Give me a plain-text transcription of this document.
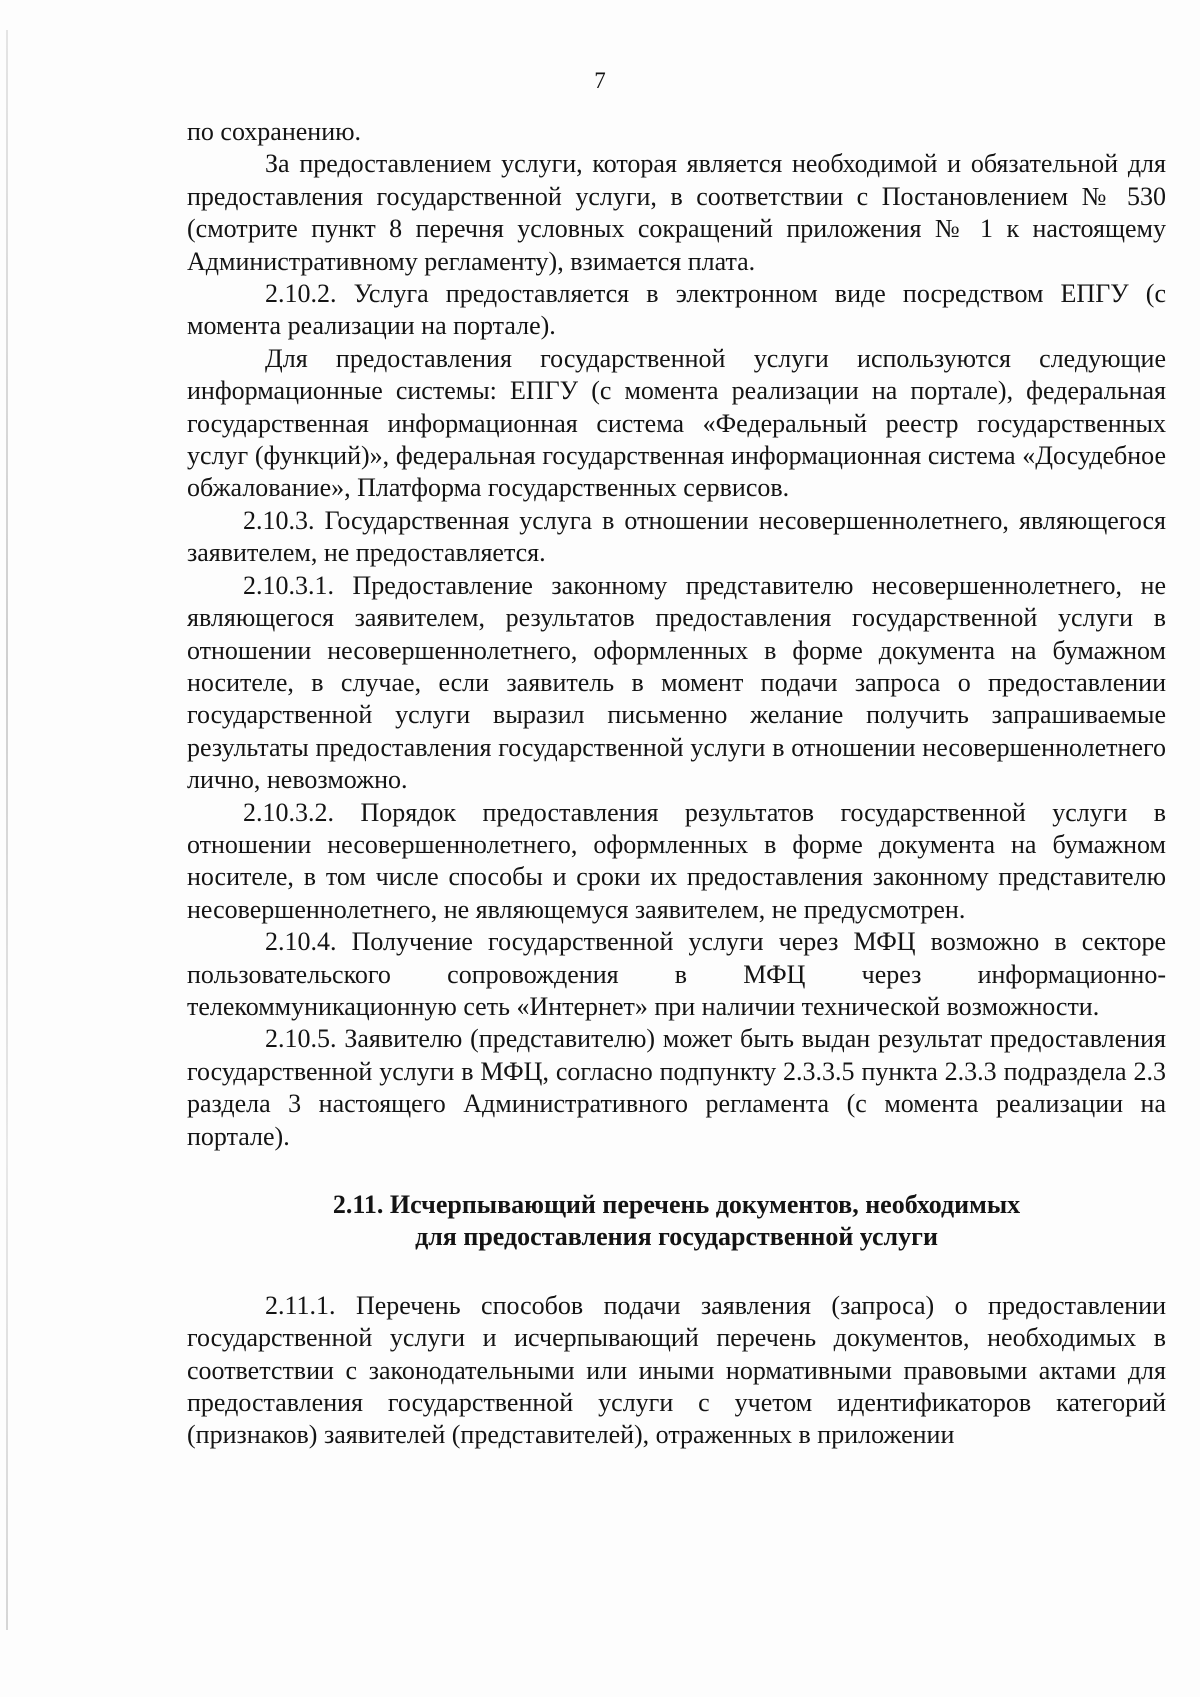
7

по сохранению.

За предоставлением услуги, которая является необходимой и обязательной для предоставления государственной услуги, в соответствии с Постановлением № 530 (смотрите пункт 8 перечня условных сокращений приложения № 1 к настоящему Административному регламенту), взимается плата.

2.10.2. Услуга предоставляется в электронном виде посредством ЕПГУ (с момента реализации на портале).

Для предоставления государственной услуги используются следующие информационные системы: ЕПГУ (с момента реализации на портале), федеральная государственная информационная система «Федеральный реестр государственных услуг (функций)», федеральная государственная информационная система «Досудебное обжалование», Платформа государственных сервисов.

2.10.3. Государственная услуга в отношении несовершеннолетнего, являющегося заявителем, не предоставляется.

2.10.3.1. Предоставление законному представителю несовершеннолетнего, не являющегося заявителем, результатов предоставления государственной услуги в отношении несовершеннолетнего, оформленных в форме документа на бумажном носителе, в случае, если заявитель в момент подачи запроса о предоставлении государственной услуги выразил письменно желание получить запрашиваемые результаты предоставления государственной услуги в отношении несовершеннолетнего лично, невозможно.

2.10.3.2. Порядок предоставления результатов государственной услуги в отношении несовершеннолетнего, оформленных в форме документа на бумажном носителе, в том числе способы и сроки их предоставления законному представителю несовершеннолетнего, не являющемуся заявителем, не предусмотрен.

2.10.4. Получение государственной услуги через МФЦ возможно в секторе пользовательского сопровождения в МФЦ через информационно-телекоммуникационную сеть «Интернет» при наличии технической возможности.

2.10.5. Заявителю (представителю) может быть выдан результат предоставления государственной услуги в МФЦ, согласно подпункту 2.3.3.5 пункта 2.3.3 подраздела 2.3 раздела 3 настоящего Административного регламента (с момента реализации на портале).

2.11. Исчерпывающий перечень документов, необходимых

для предоставления государственной услуги

2.11.1. Перечень способов подачи заявления (запроса) о предоставлении государственной услуги и исчерпывающий перечень документов, необходимых в соответствии с законодательными или иными нормативными правовыми актами для предоставления государственной услуги с учетом идентификаторов категорий (признаков) заявителей (представителей), отраженных в приложении
